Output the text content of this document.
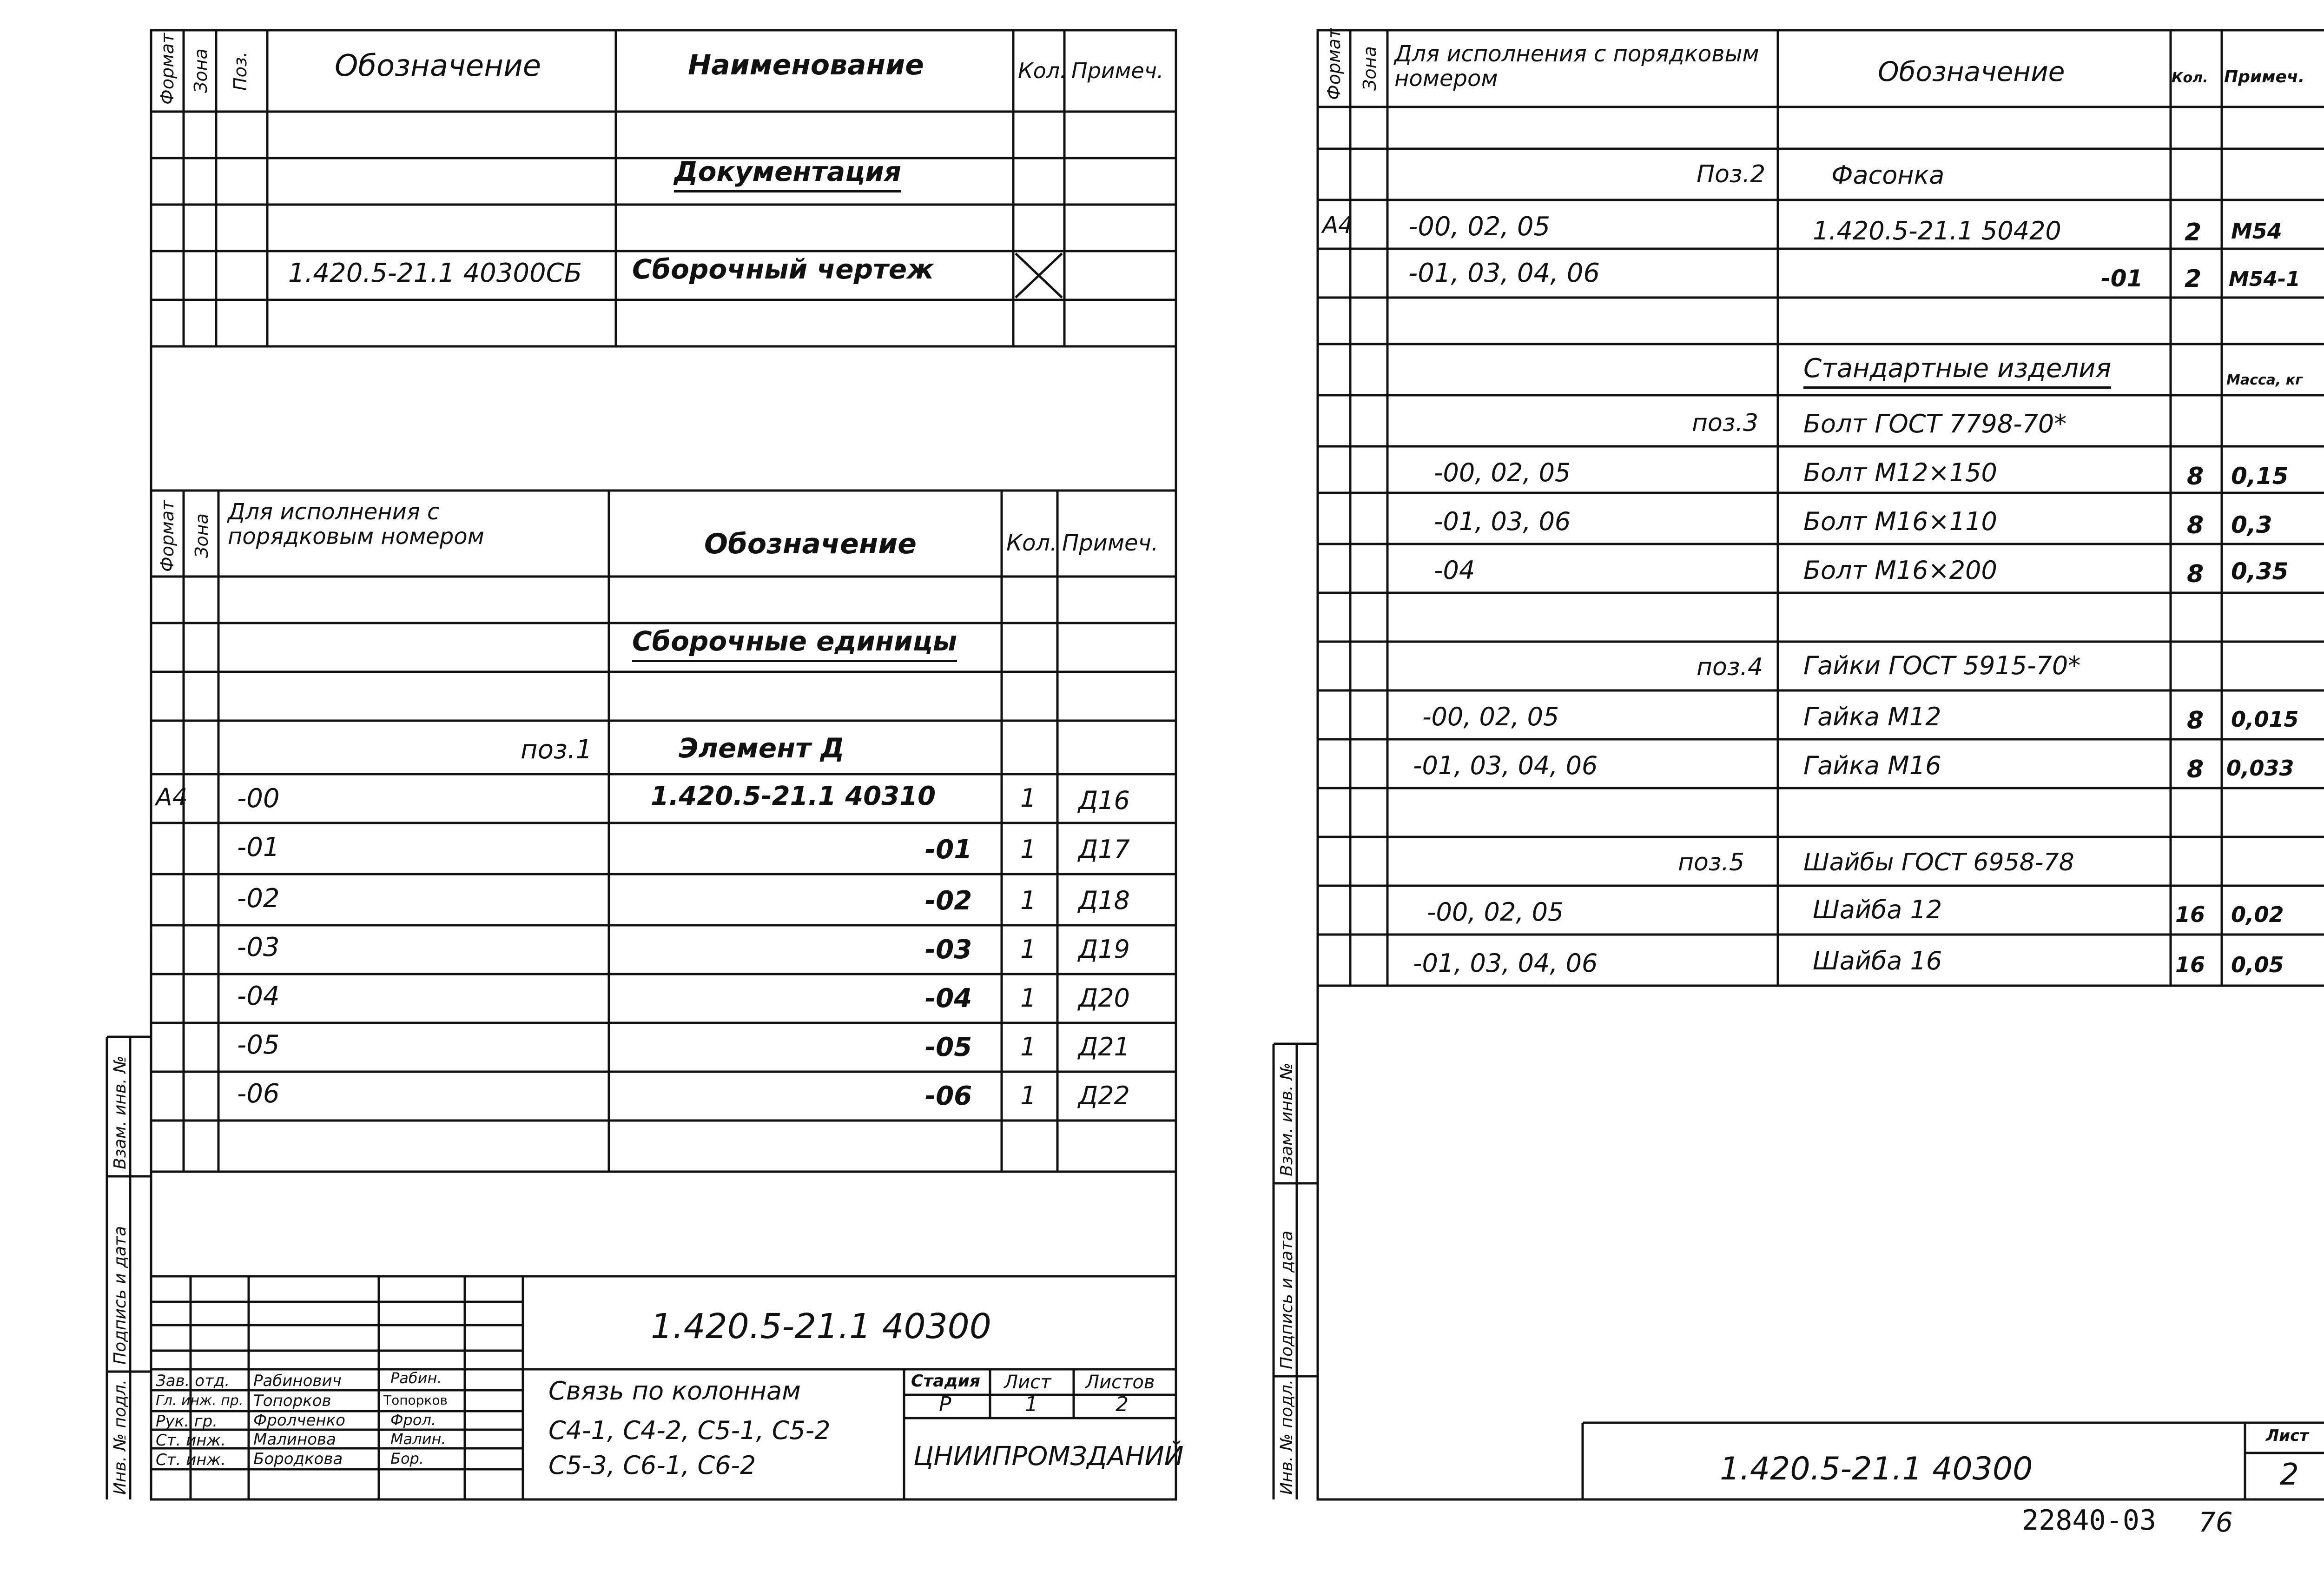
Формат Зона Поз.	Обозначение	Наименование	Кол. Примеч.
Документация
1.420.5-21.1 40300СБ Сборочный чертеж
Формат Зона
Для исполнения с порядковым номером	Обозначение	Кол. Примеч.
Сборочные единицы
поз.1	Элемент Д
А4 -00	1.420.5-21.1 40310	1 Д16
-01	-01 1 Д17
-02	-02 1 Д18
-03	-03 1 Д19
-04	-04 1 Д20
-05	-05 1 Д21
-06	-06 1 Д22
Инв. № подл.
Подпись и дата
Взам. инв. №
1.420.5-21.1 40300
Зав. отд. Рабинович	Рабин.
Гл. инж. пр. Топорков	Топорков
Рук. гр. Фролченко	Фрол.
Ст. инж. Малинова	Малин.
Ст. инж. Бородкова	Бор.
Связь по колоннам
С4-1, С4-2, С5-1, С5-2
С5-3, С6-1, С6-2
Стадия Лист Листов
Р	1	2
ЦНИИПРОМЗДАНИЙ
Формат Зона Для исполнения с порядковым номером	Обозначение	Кол. Примеч.
Поз.2	Фасонка
А4 -00, 02, 05	1.420.5-21.1 50420	2 М54
-01, 03, 04, 06	-01 2 М54-1
Стандартные изделия	Масса, кг
поз.3 Болт ГОСТ 7798-70*
-00, 02, 05	Болт М12×150	8 0,15
-01, 03, 06	Болт М16×110	8 0,3
-04	Болт М16×200	8 0,35
поз.4 Гайки ГОСТ 5915-70*
-00, 02, 05	Гайка М12	8 0,015
-01, 03, 04, 06	Гайка М16	8 0,033
поз.5 Шайбы ГОСТ 6958-78
-00, 02, 05	Шайба 12	16 0,02
-01, 03, 04, 06	Шайба 16	16 0,05
Инв. № подл.
Подпись и дата
Взам. инв. №
1.420.5-21.1 40300
Лист
2
22840-03 76
